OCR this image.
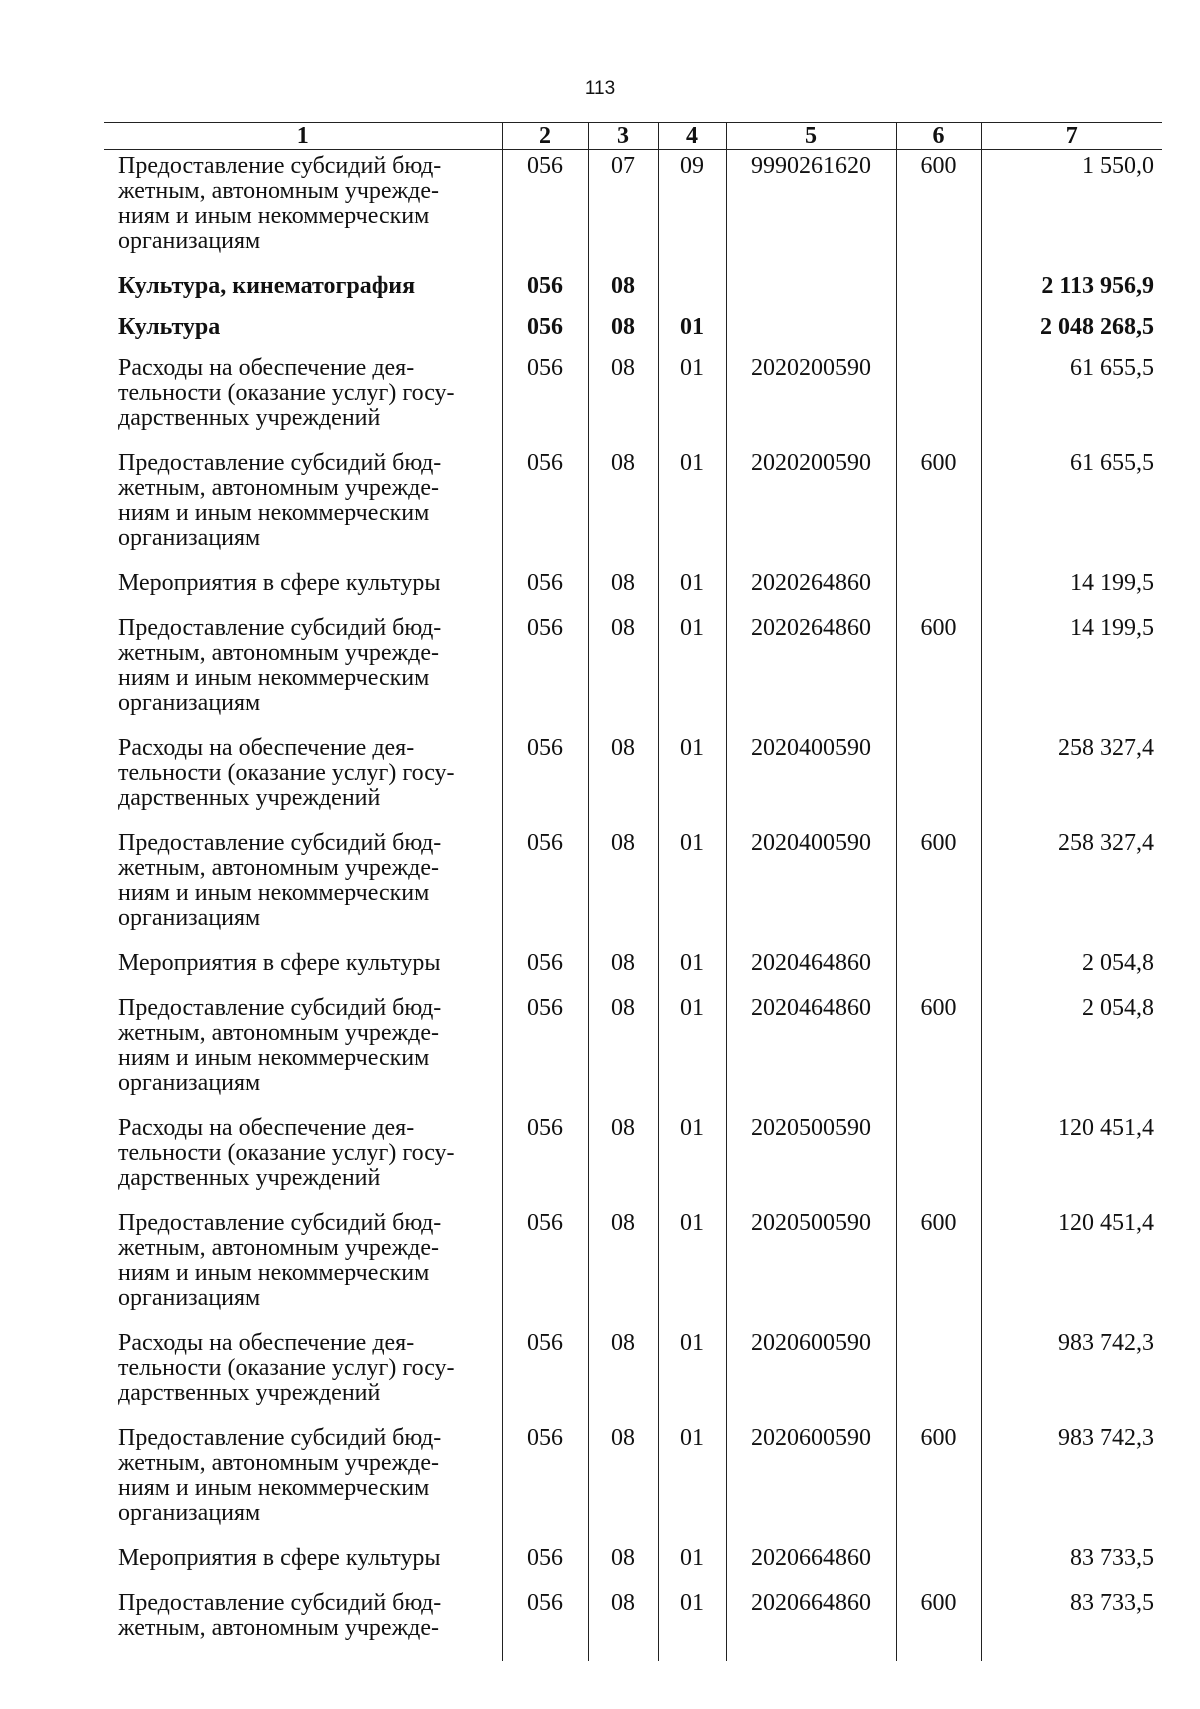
113
1	2	3	4	5	6	7

Предоставление субсидий бюд-
жетным, автономным учрежде-
ниям и иным некоммерческим
организациям	056	07	09	9990261620	600	1 550,0

Культура, кинематография	056	08				2 113 956,9

Культура	056	08	01			2 048 268,5

Расходы на обеспечение дея-
тельности (оказание услуг) госу-
дарственных учреждений	056	08	01	2020200590		61 655,5

Предоставление субсидий бюд-
жетным, автономным учрежде-
ниям и иным некоммерческим
организациям	056	08	01	2020200590	600	61 655,5

Мероприятия в сфере культуры	056	08	01	2020264860		14 199,5

Предоставление субсидий бюд-
жетным, автономным учрежде-
ниям и иным некоммерческим
организациям	056	08	01	2020264860	600	14 199,5

Расходы на обеспечение дея-
тельности (оказание услуг) госу-
дарственных учреждений	056	08	01	2020400590		258 327,4

Предоставление субсидий бюд-
жетным, автономным учрежде-
ниям и иным некоммерческим
организациям	056	08	01	2020400590	600	258 327,4

Мероприятия в сфере культуры	056	08	01	2020464860		2 054,8

Предоставление субсидий бюд-
жетным, автономным учрежде-
ниям и иным некоммерческим
организациям	056	08	01	2020464860	600	2 054,8

Расходы на обеспечение дея-
тельности (оказание услуг) госу-
дарственных учреждений	056	08	01	2020500590		120 451,4

Предоставление субсидий бюд-
жетным, автономным учрежде-
ниям и иным некоммерческим
организациям	056	08	01	2020500590	600	120 451,4

Расходы на обеспечение дея-
тельности (оказание услуг) госу-
дарственных учреждений	056	08	01	2020600590		983 742,3

Предоставление субсидий бюд-
жетным, автономным учрежде-
ниям и иным некоммерческим
организациям	056	08	01	2020600590	600	983 742,3

Мероприятия в сфере культуры	056	08	01	2020664860		83 733,5

Предоставление субсидий бюд-
жетным, автономным учрежде-	056	08	01	2020664860	600	83 733,5
